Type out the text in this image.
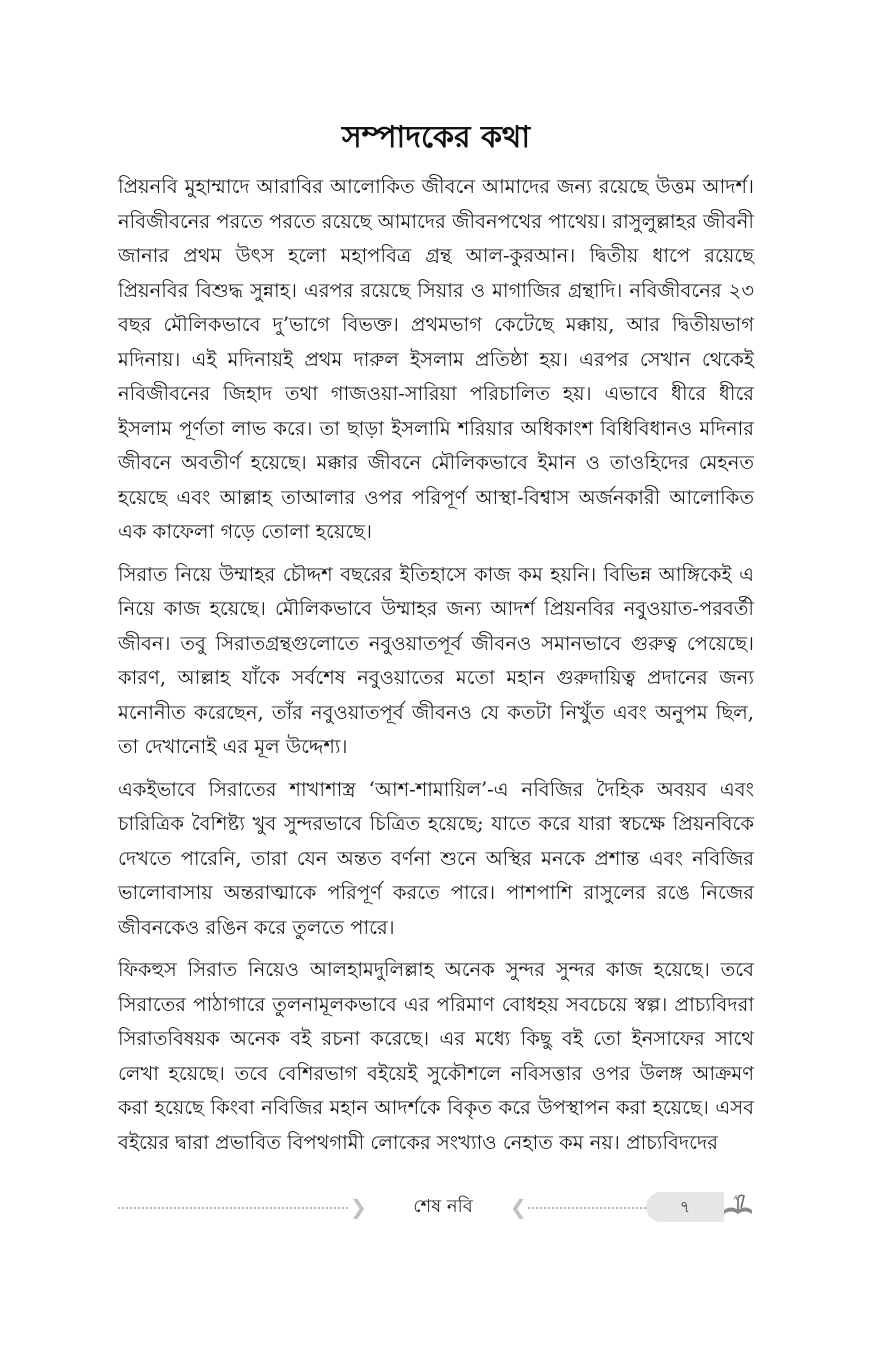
সম্পাদকের কথা

প্রিয়নবি মুহাম্মাদে আরাবির আলোকিত জীবনে আমাদের জন্য রয়েছে উত্তম আদর্শ। নবিজীবনের পরতে পরতে রয়েছে আমাদের জীবনপথের পাথেয়। রাসুলুল্লাহর জীবনী জানার প্রথম উৎস হলো মহাপবিত্র গ্রন্থ আল-কুরআন। দ্বিতীয় ধাপে রয়েছে প্রিয়নবির বিশুদ্ধ সুন্নাহ। এরপর রয়েছে সিয়ার ও মাগাজির গ্রন্থাদি। নবিজীবনের ২৩ বছর মৌলিকভাবে দু’ভাগে বিভক্ত। প্রথমভাগ কেটেছে মক্কায়, আর দ্বিতীয়ভাগ মদিনায়। এই মদিনায়ই প্রথম দারুল ইসলাম প্রতিষ্ঠা হয়। এরপর সেখান থেকেই নবিজীবনের জিহাদ তথা গাজওয়া-সারিয়া পরিচালিত হয়। এভাবে ধীরে ধীরে ইসলাম পূর্ণতা লাভ করে। তা ছাড়া ইসলামি শরিয়ার অধিকাংশ বিধিবিধানও মদিনার জীবনে অবতীর্ণ হয়েছে। মক্কার জীবনে মৌলিকভাবে ইমান ও তাওহিদের মেহনত হয়েছে এবং আল্লাহ তাআলার ওপর পরিপূর্ণ আস্থা-বিশ্বাস অর্জনকারী আলোকিত এক কাফেলা গড়ে তোলা হয়েছে।

সিরাত নিয়ে উম্মাহর চৌদ্দশ বছরের ইতিহাসে কাজ কম হয়নি। বিভিন্ন আঙ্গিকেই এ নিয়ে কাজ হয়েছে। মৌলিকভাবে উম্মাহর জন্য আদর্শ প্রিয়নবির নবুওয়াত-পরবর্তী জীবন। তবু সিরাতগ্রন্থগুলোতে নবুওয়াতপূর্ব জীবনও সমানভাবে গুরুত্ব পেয়েছে। কারণ, আল্লাহ যাঁকে সর্বশেষ নবুওয়াতের মতো মহান গুরুদায়িত্ব প্রদানের জন্য মনোনীত করেছেন, তাঁর নবুওয়াতপূর্ব জীবনও যে কতটা নিখুঁত এবং অনুপম ছিল, তা দেখানোই এর মূল উদ্দেশ্য।

একইভাবে সিরাতের শাখাশাস্ত্র ‘আশ-শামায়িল’-এ নবিজির দৈহিক অবয়ব এবং চারিত্রিক বৈশিষ্ট্য খুব সুন্দরভাবে চিত্রিত হয়েছে; যাতে করে যারা স্বচক্ষে প্রিয়নবিকে দেখতে পারেনি, তারা যেন অন্তত বর্ণনা শুনে অস্থির মনকে প্রশান্ত এবং নবিজির ভালোবাসায় অন্তরাত্মাকে পরিপূর্ণ করতে পারে। পাশপাশি রাসুলের রঙে নিজের জীবনকেও রঙিন করে তুলতে পারে।

ফিকহুস সিরাত নিয়েও আলহামদুলিল্লাহ অনেক সুন্দর সুন্দর কাজ হয়েছে। তবে সিরাতের পাঠাগারে তুলনামূলকভাবে এর পরিমাণ বোধহয় সবচেয়ে স্বল্প। প্রাচ্যবিদরা সিরাতবিষয়ক অনেক বই রচনা করেছে। এর মধ্যে কিছু বই তো ইনসাফের সাথে লেখা হয়েছে। তবে বেশিরভাগ বইয়েই সুকৌশলে নবিসত্তার ওপর উলঙ্গ আক্রমণ করা হয়েছে কিংবা নবিজির মহান আদর্শকে বিকৃত করে উপস্থাপন করা হয়েছে। এসব বইয়ের দ্বারা প্রভাবিত বিপথগামী লোকের সংখ্যাও নেহাত কম নয়। প্রাচ্যবিদদের

❯	শেষ নবি	❮	৭
